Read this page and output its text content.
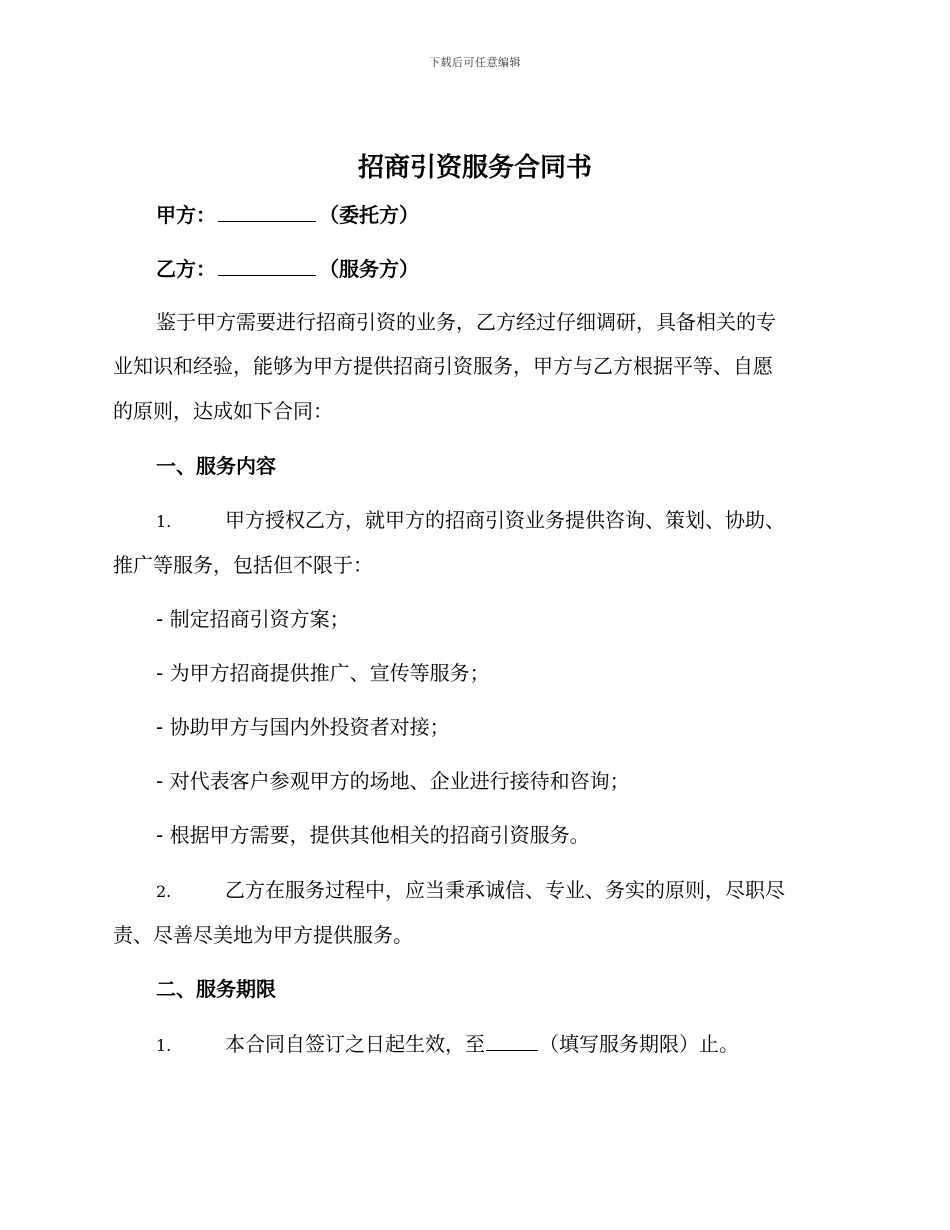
下载后可任意编辑
招商引资服务合同书
甲方：	（委托方）
乙方：	（服务方）
鉴于甲方需要进行招商引资的业务，乙方经过仔细调研，具备相关的专
业知识和经验，能够为甲方提供招商引资服务，甲方与乙方根据平等、自愿
的原则，达成如下合同：
一、服务内容
1.	甲方授权乙方，就甲方的招商引资业务提供咨询、策划、协助、
推广等服务，包括但不限于：
- 制定招商引资方案；
- 为甲方招商提供推广、宣传等服务；
- 协助甲方与国内外投资者对接；
- 对代表客户参观甲方的场地、企业进行接待和咨询；
- 根据甲方需要，提供其他相关的招商引资服务。
2.	乙方在服务过程中，应当秉承诚信、专业、务实的原则，尽职尽
责、尽善尽美地为甲方提供服务。
二、服务期限
1.	本合同自签订之日起生效，至	（填写服务期限）止。
